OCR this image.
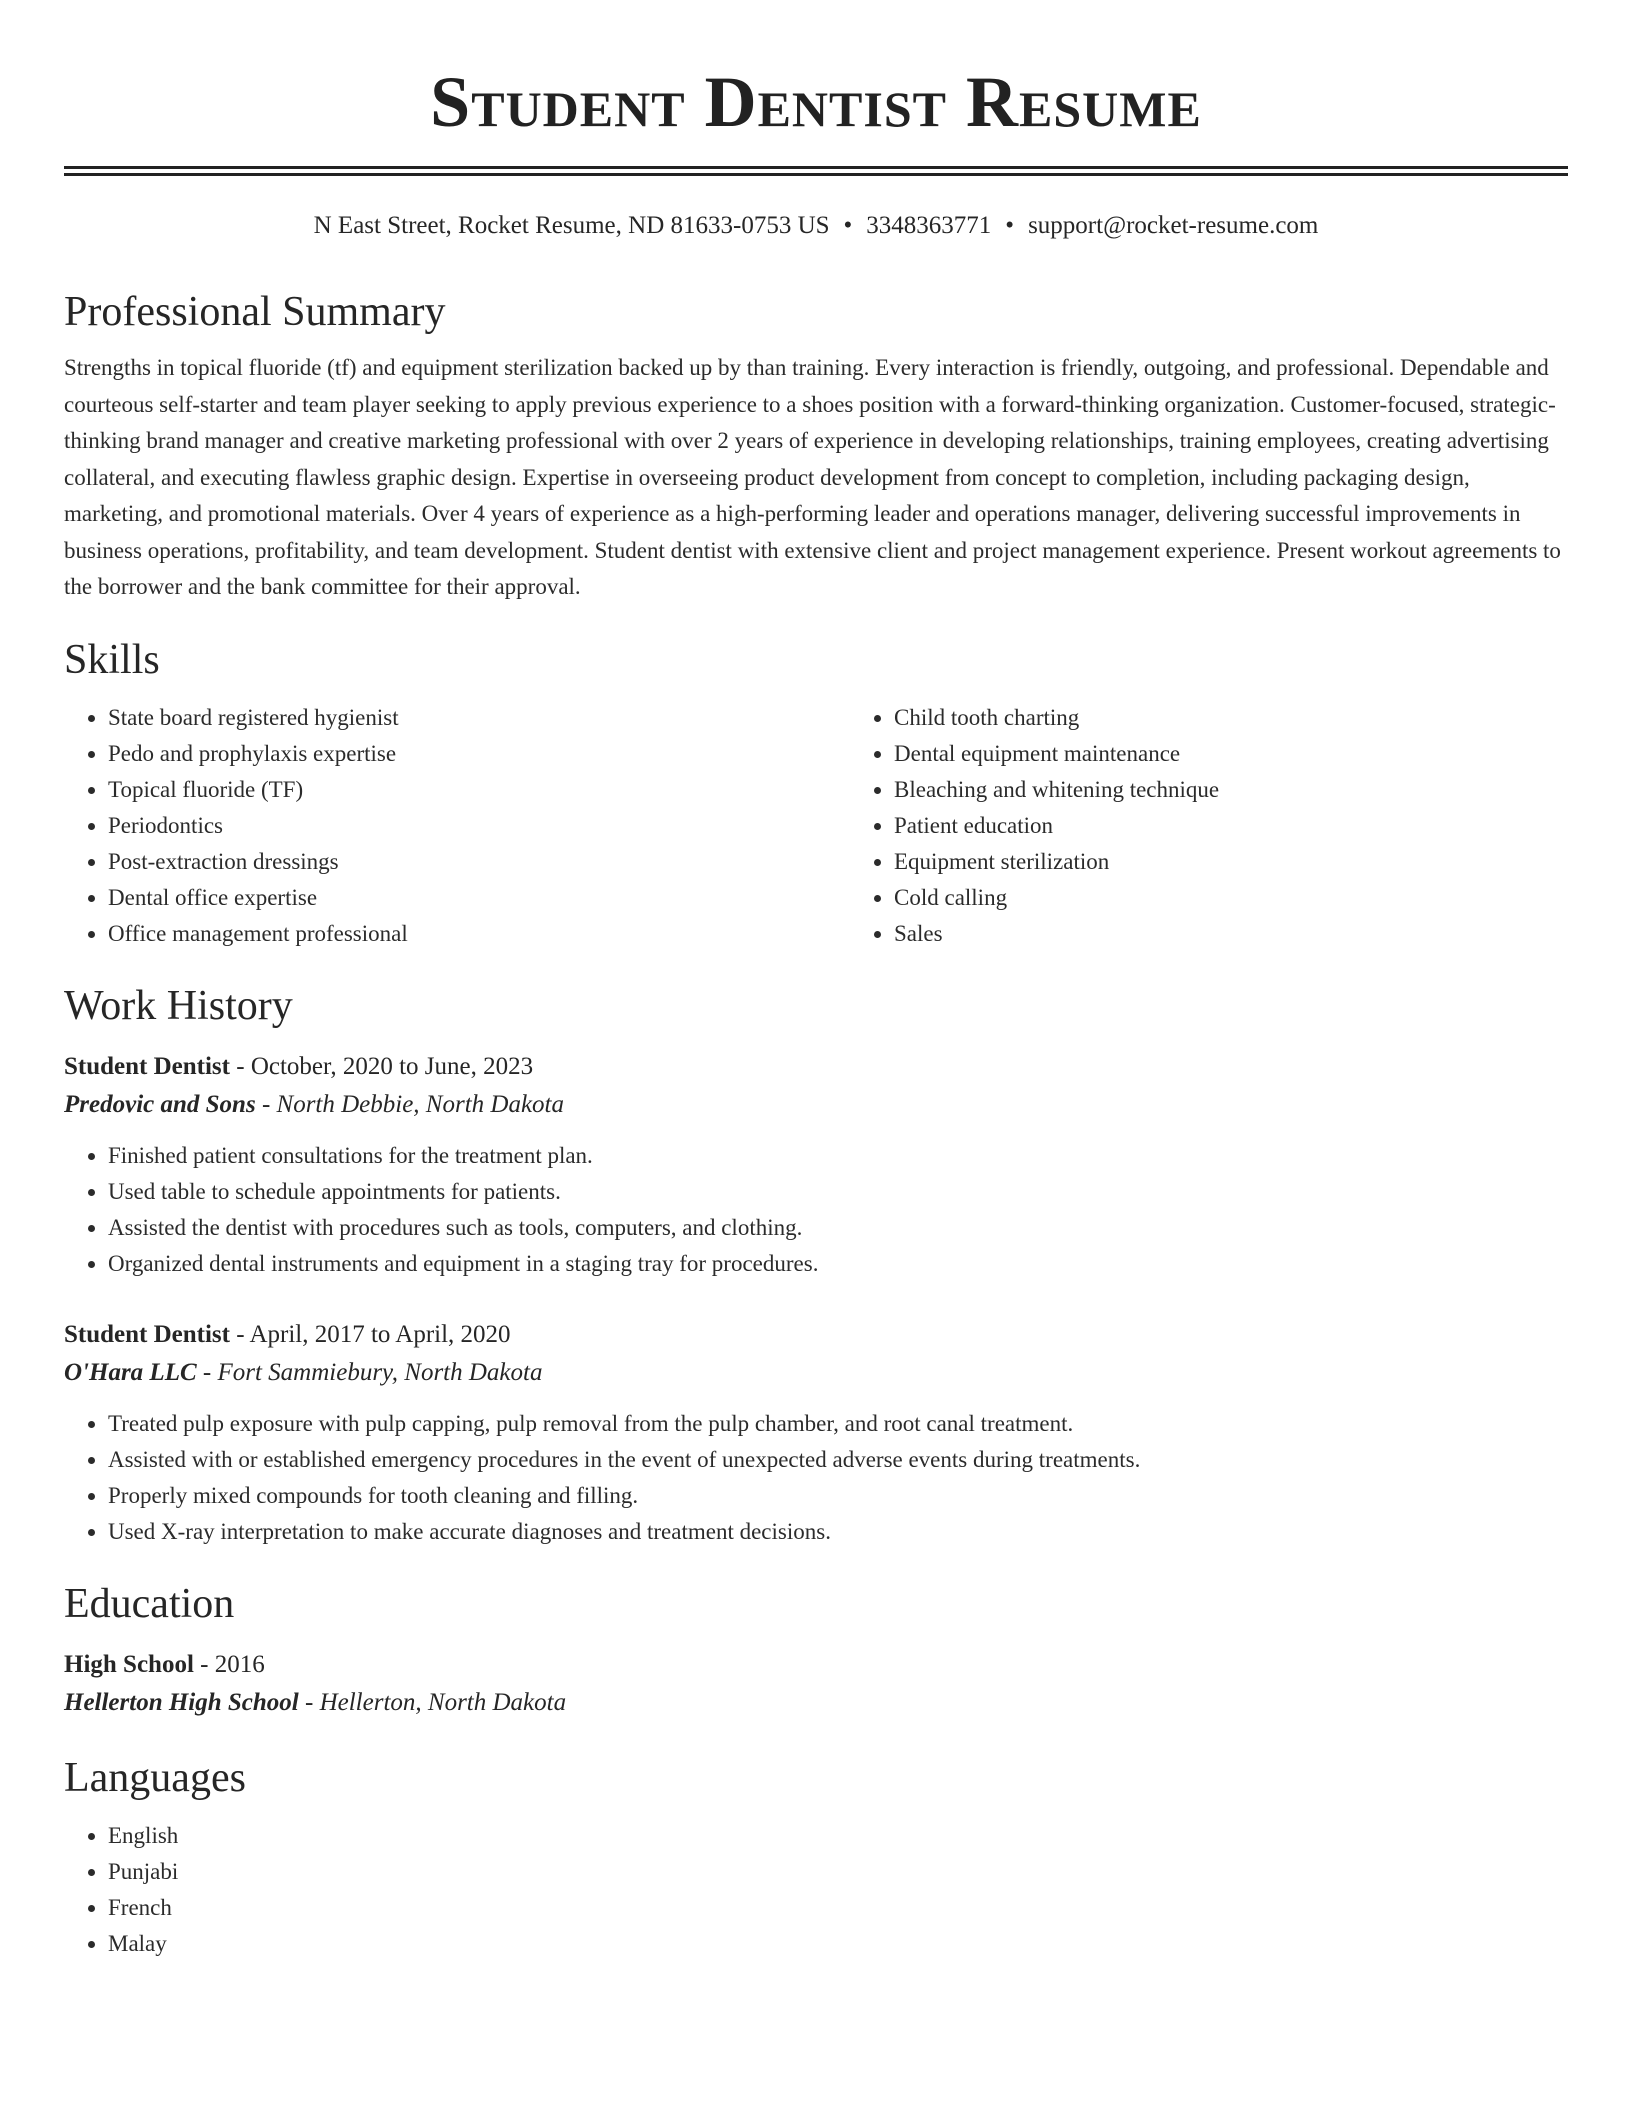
Student Dentist Resume
N East Street, Rocket Resume, ND 81633-0753 US • 3348363771 • support@rocket-resume.com
Professional Summary

Strengths in topical fluoride (tf) and equipment sterilization backed up by than training. Every interaction is friendly, outgoing, and professional. Dependable and courteous self-starter and team player seeking to apply previous experience to a shoes position with a forward-thinking organization. Customer-focused, strategic-thinking brand manager and creative marketing professional with over 2 years of experience in developing relationships, training employees, creating advertising collateral, and executing flawless graphic design. Expertise in overseeing product development from concept to completion, including packaging design, marketing, and promotional materials. Over 4 years of experience as a high-performing leader and operations manager, delivering successful improvements in business operations, profitability, and team development. Student dentist with extensive client and project management experience. Present workout agreements to the borrower and the bank committee for their approval.

Skills
• State board registered hygienist
• Pedo and prophylaxis expertise
• Topical fluoride (TF)
• Periodontics
• Post-extraction dressings
• Dental office expertise
• Office management professional
• Child tooth charting
• Dental equipment maintenance
• Bleaching and whitening technique
• Patient education
• Equipment sterilization
• Cold calling
• Sales
Work History
Student Dentist - October, 2020 to June, 2023
Predovic and Sons - North Debbie, North Dakota
• Finished patient consultations for the treatment plan.
• Used table to schedule appointments for patients.
• Assisted the dentist with procedures such as tools, computers, and clothing.
• Organized dental instruments and equipment in a staging tray for procedures.
Student Dentist - April, 2017 to April, 2020
O'Hara LLC - Fort Sammiebury, North Dakota
• Treated pulp exposure with pulp capping, pulp removal from the pulp chamber, and root canal treatment.
• Assisted with or established emergency procedures in the event of unexpected adverse events during treatments.
• Properly mixed compounds for tooth cleaning and filling.
• Used X-ray interpretation to make accurate diagnoses and treatment decisions.
Education
High School - 2016
Hellerton High School - Hellerton, North Dakota
Languages
• English
• Punjabi
• French
• Malay
